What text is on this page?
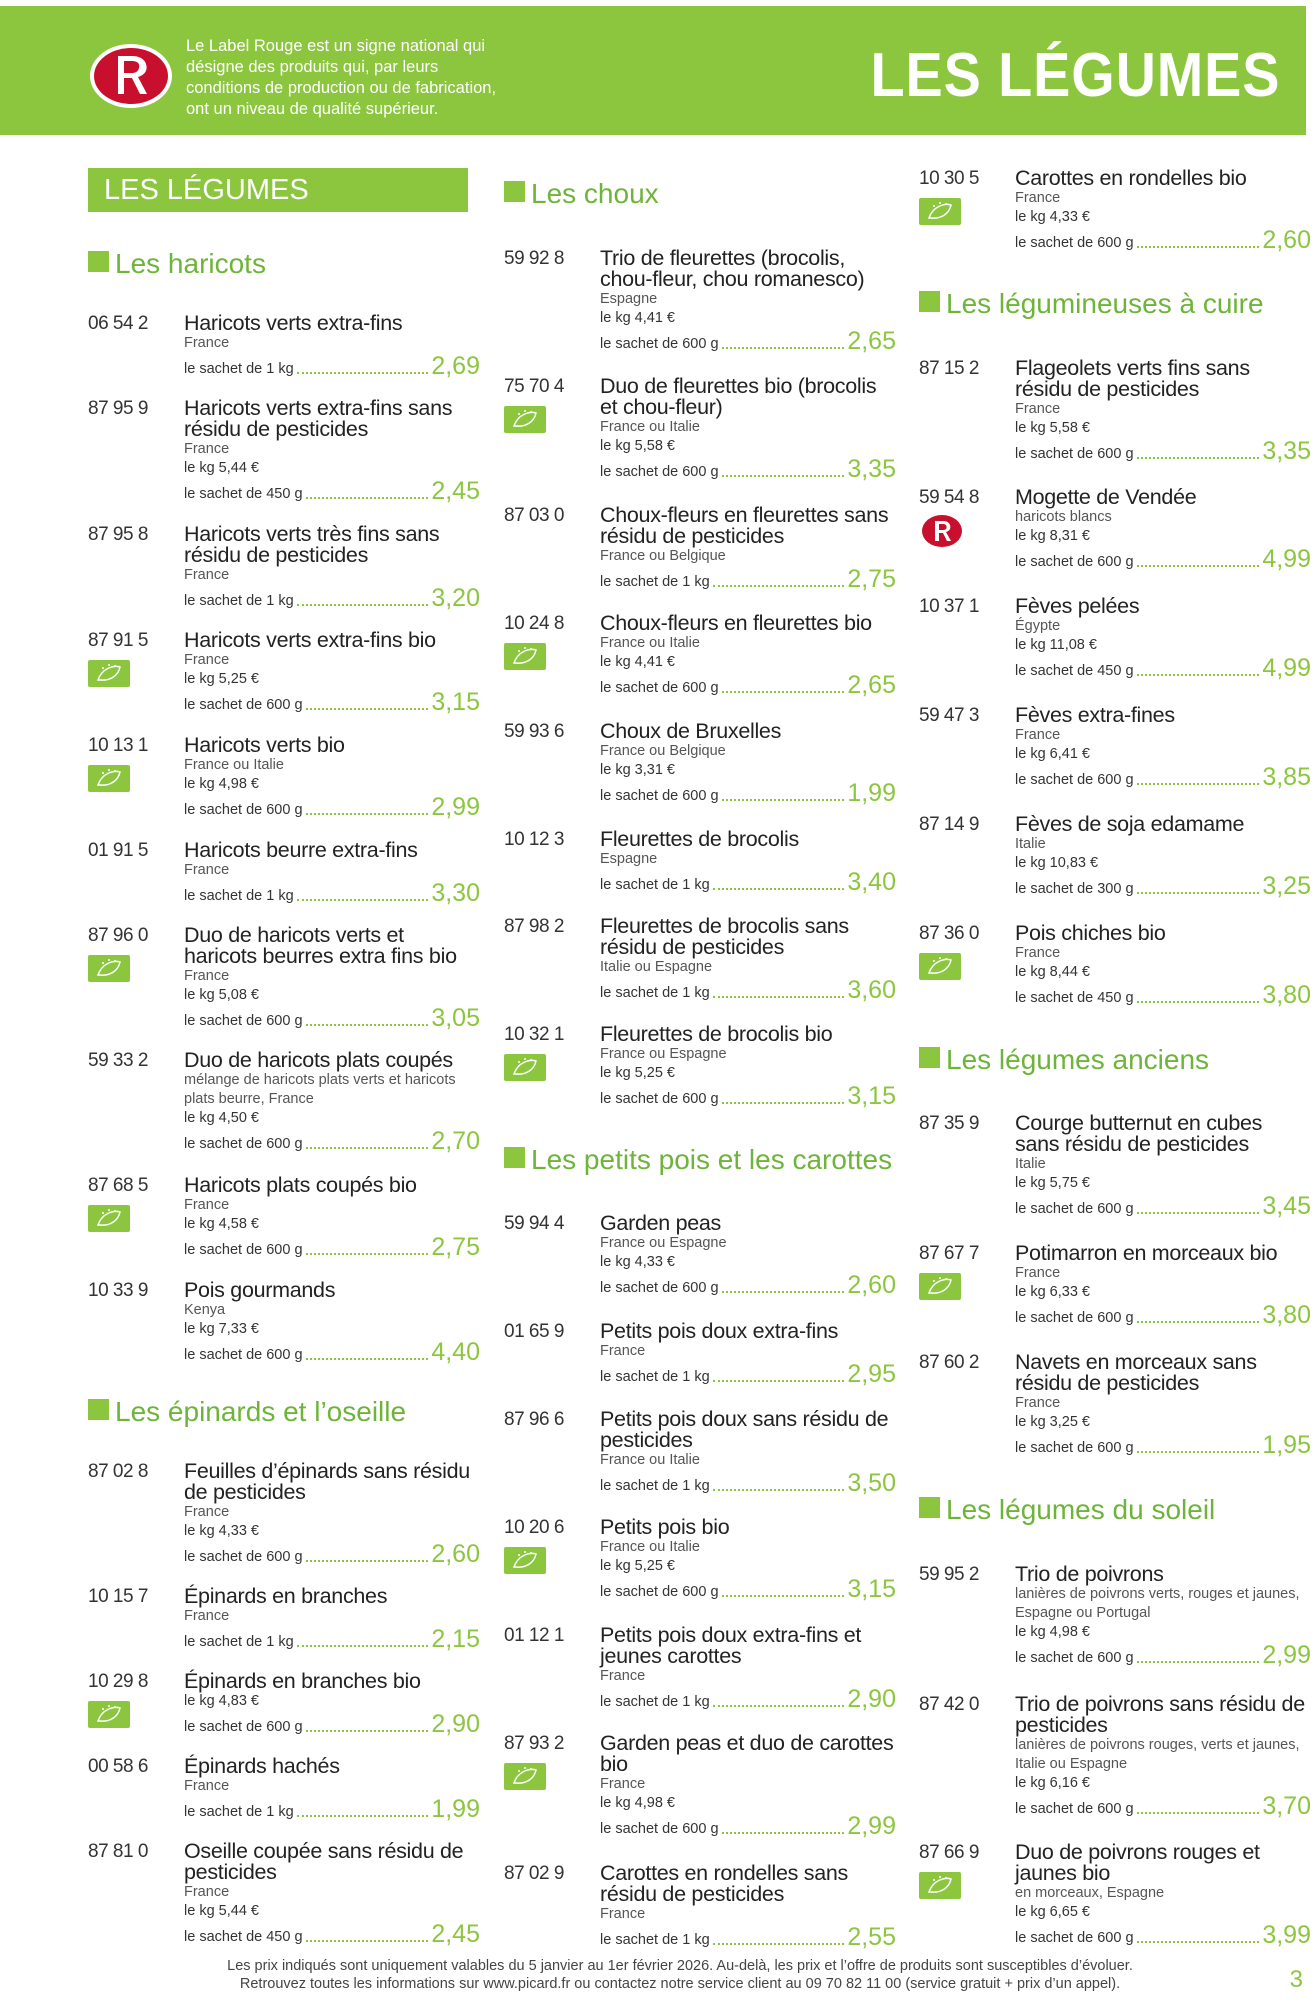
Le Label Rouge est un signe national qui désigne des produits qui, par leurs conditions de production ou de fabrication, ont un niveau de qualité supérieur.	LES LÉGUMES
LES LÉGUMES
Les haricots
06 54 2 Haricots verts extra-fins
France
le sachet de 1 kg	2,69
87 95 9 Haricots verts extra-fins sans résidu de pesticides
France
le kg 5,44 €
le sachet de 450 g	2,45
87 95 8 Haricots verts très fins sans résidu de pesticides
France
le sachet de 1 kg	3,20
87 91 5 Haricots verts extra-fins bio
France
le kg 5,25 €
le sachet de 600 g	3,15
10 13 1 Haricots verts bio
France ou Italie
le kg 4,98 €
le sachet de 600 g	2,99
01 91 5 Haricots beurre extra-fins
France
le sachet de 1 kg	3,30
87 96 0 Duo de haricots verts et haricots beurres extra fins bio
France
le kg 5,08 €
le sachet de 600 g	3,05
59 33 2 Duo de haricots plats coupés
mélange de haricots plats verts et haricots plats beurre, France
le kg 4,50 €
le sachet de 600 g	2,70
87 68 5 Haricots plats coupés bio
France
le kg 4,58 €
le sachet de 600 g	2,75
10 33 9 Pois gourmands
Kenya
le kg 7,33 €
le sachet de 600 g	4,40
Les épinards et l’oseille
87 02 8 Feuilles d’épinards sans résidu de pesticides
France
le kg 4,33 €
le sachet de 600 g	2,60
10 15 7 Épinards en branches
France
le sachet de 1 kg	2,15
10 29 8 Épinards en branches bio
le kg 4,83 €
le sachet de 600 g	2,90
00 58 6 Épinards hachés
France
le sachet de 1 kg	1,99
87 81 0 Oseille coupée sans résidu de pesticides
France
le kg 5,44 €
le sachet de 450 g	2,45
Les choux
59 92 8 Trio de fleurettes (brocolis, chou-fleur, chou romanesco)
Espagne
le kg 4,41 €
le sachet de 600 g	2,65
75 70 4 Duo de fleurettes bio (brocolis et chou-fleur)
France ou Italie
le kg 5,58 €
le sachet de 600 g	3,35
87 03 0 Choux-fleurs en fleurettes sans résidu de pesticides
France ou Belgique
le sachet de 1 kg	2,75
10 24 8 Choux-fleurs en fleurettes bio
France ou Italie
le kg 4,41 €
le sachet de 600 g	2,65
59 93 6 Choux de Bruxelles
France ou Belgique
le kg 3,31 €
le sachet de 600 g	1,99
10 12 3 Fleurettes de brocolis
Espagne
le sachet de 1 kg	3,40
87 98 2 Fleurettes de brocolis sans résidu de pesticides
Italie ou Espagne
le sachet de 1 kg	3,60
10 32 1 Fleurettes de brocolis bio
France ou Espagne
le kg 5,25 €
le sachet de 600 g	3,15
Les petits pois et les carottes
59 94 4 Garden peas
France ou Espagne
le kg 4,33 €
le sachet de 600 g	2,60
01 65 9 Petits pois doux extra-fins
France
le sachet de 1 kg	2,95
87 96 6 Petits pois doux sans résidu de pesticides
France ou Italie
le sachet de 1 kg	3,50
10 20 6 Petits pois bio
France ou Italie
le kg 5,25 €
le sachet de 600 g	3,15
01 12 1 Petits pois doux extra-fins et jeunes carottes
France
le sachet de 1 kg	2,90
87 93 2 Garden peas et duo de carottes bio
France
le kg 4,98 €
le sachet de 600 g	2,99
87 02 9 Carottes en rondelles sans résidu de pesticides
France
le sachet de 1 kg	2,55
10 30 5 Carottes en rondelles bio
France
le kg 4,33 €
le sachet de 600 g	2,60
Les légumineuses à cuire
87 15 2 Flageolets verts fins sans résidu de pesticides
France
le kg 5,58 €
le sachet de 600 g	3,35
59 54 8 Mogette de Vendée
haricots blancs
le kg 8,31 €
le sachet de 600 g	4,99
10 37 1 Fèves pelées
Égypte
le kg 11,08 €
le sachet de 450 g	4,99
59 47 3 Fèves extra-fines
France
le kg 6,41 €
le sachet de 600 g	3,85
87 14 9 Fèves de soja edamame
Italie
le kg 10,83 €
le sachet de 300 g	3,25
87 36 0 Pois chiches bio
France
le kg 8,44 €
le sachet de 450 g	3,80
Les légumes anciens
87 35 9 Courge butternut en cubes sans résidu de pesticides
Italie
le kg 5,75 €
le sachet de 600 g	3,45
87 67 7 Potimarron en morceaux bio
France
le kg 6,33 €
le sachet de 600 g	3,80
87 60 2 Navets en morceaux sans résidu de pesticides
France
le kg 3,25 €
le sachet de 600 g	1,95
Les légumes du soleil
59 95 2 Trio de poivrons
lanières de poivrons verts, rouges et jaunes, Espagne ou Portugal
le kg 4,98 €
le sachet de 600 g	2,99
87 42 0 Trio de poivrons sans résidu de pesticides
lanières de poivrons rouges, verts et jaunes, Italie ou Espagne
le kg 6,16 €
le sachet de 600 g	3,70
87 66 9 Duo de poivrons rouges et jaunes bio
en morceaux, Espagne
le kg 6,65 €
le sachet de 600 g	3,99
Les prix indiqués sont uniquement valables du 5 janvier au 1er février 2026. Au-delà, les prix et l’offre de produits sont susceptibles d’évoluer.
Retrouvez toutes les informations sur www.picard.fr ou contactez notre service client au 09 70 82 11 00 (service gratuit + prix d’un appel).	3
